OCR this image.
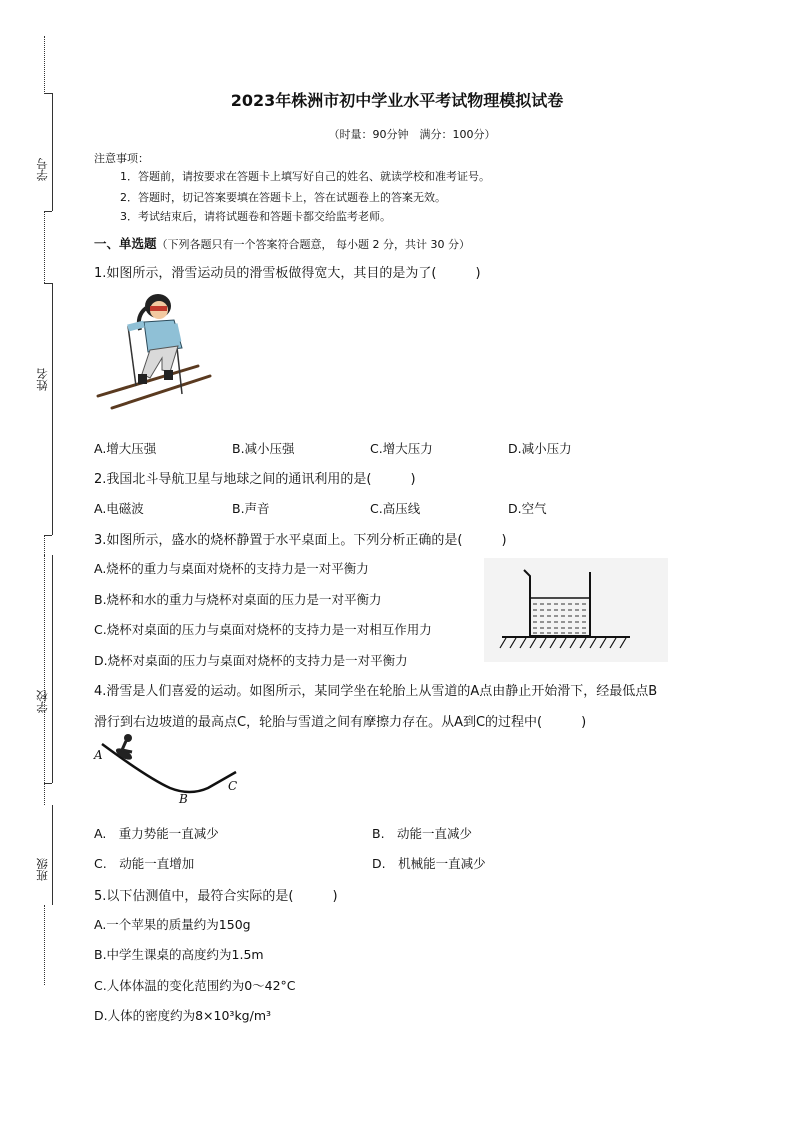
学号
姓名
学校
班级
2023年株洲市初中学业水平考试物理模拟试卷
（时量：90分钟　满分：100分）
注意事项：
1．答题前，请按要求在答题卡上填写好自己的姓名、就读学校和准考证号。
2．答题时，切记答案要填在答题卡上，答在试题卷上的答案无效。
3．考试结束后，请将试题卷和答题卡都交给监考老师。
一、单选题（下列各题只有一个答案符合题意， 每小题 2 分，共计 30 分）
1.如图所示，滑雪运动员的滑雪板做得宽大，其目的是为了(　　　)
A.增大压强	B.减小压强	C.增大压力	D.减小压力
2.我国北斗导航卫星与地球之间的通讯利用的是(　　　)
A.电磁波	B.声音	C.高压线	D.空气
3.如图所示，盛水的烧杯静置于水平桌面上。下列分析正确的是(　　　)
A.烧杯的重力与桌面对烧杯的支持力是一对平衡力
B.烧杯和水的重力与烧杯对桌面的压力是一对平衡力
C.烧杯对桌面的压力与桌面对烧杯的支持力是一对相互作用力
D.烧杯对桌面的压力与桌面对烧杯的支持力是一对平衡力
4.滑雪是人们喜爱的运动。如图所示，某同学坐在轮胎上从雪道的A点由静止开始滑下，经最低点B
滑行到右边坡道的最高点C，轮胎与雪道之间有摩擦力存在。从A到C的过程中(　　　)
A
B
C
A.　重力势能一直减少	B.　动能一直减少
C.　动能一直增加	D.　机械能一直减少
5.以下估测值中，最符合实际的是(　　　)
A.一个苹果的质量约为150g
B.中学生课桌的高度约为1.5m
C.人体体温的变化范围约为0～42°C
D.人体的密度约为8×10³kg/m³
